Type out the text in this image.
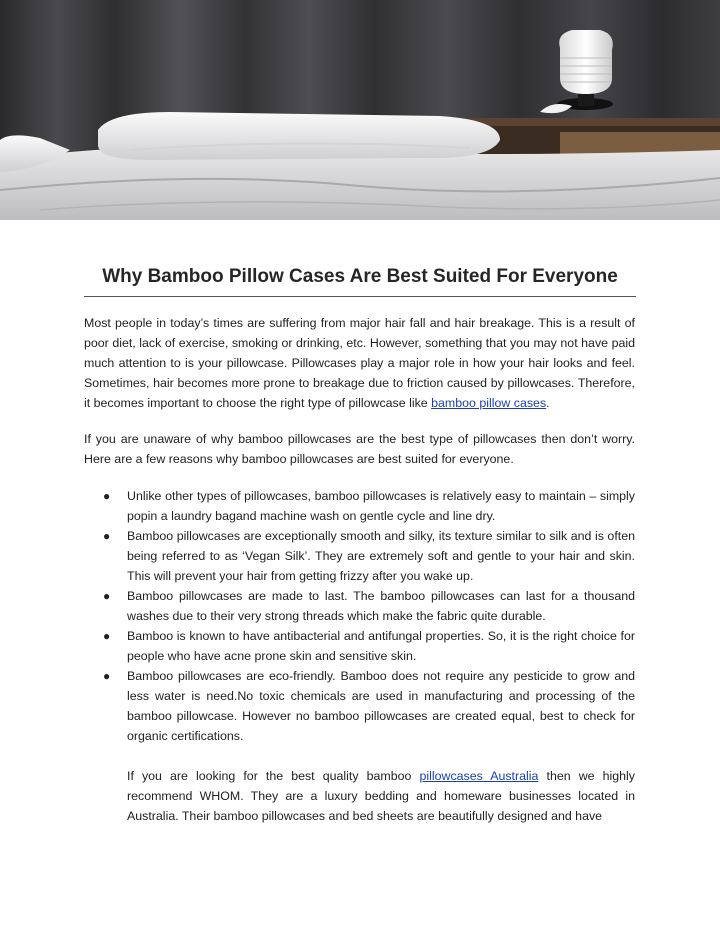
Why Bamboo Pillow Cases Are Best Suited For Everyone

Most people in today’s times are suffering from major hair fall and hair breakage. This is a result of poor diet, lack of exercise, smoking or drinking, etc. However, something that you may not have paid much attention to is your pillowcase. Pillowcases play a major role in how your hair looks and feel. Sometimes, hair becomes more prone to breakage due to friction caused by pillowcases. Therefore, it becomes important to choose the right type of pillowcase like bamboo pillow cases.

If you are unaware of why bamboo pillowcases are the best type of pillowcases then don’t worry. Here are a few reasons why bamboo pillowcases are best suited for everyone.

● Unlike other types of pillowcases, bamboo pillowcases is relatively easy to maintain – simply popin a laundry bagand machine wash on gentle cycle and line dry.
● Bamboo pillowcases are exceptionally smooth and silky, its texture similar to silk and is often being referred to as ‘Vegan Silk’. They are extremely soft and gentle to your hair and skin. This will prevent your hair from getting frizzy after you wake up.
● Bamboo pillowcases are made to last. The bamboo pillowcases can last for a thousand washes due to their very strong threads which make the fabric quite durable.
● Bamboo is known to have antibacterial and antifungal properties. So, it is the right choice for people who have acne prone skin and sensitive skin.
● Bamboo pillowcases are eco-friendly. Bamboo does not require any pesticide to grow and less water is need.No toxic chemicals are used in manufacturing and processing of the bamboo pillowcase. However no bamboo pillowcases are created equal, best to check for organic certifications.

If you are looking for the best quality bamboo pillowcases Australia then we highly recommend WHOM. They are a luxury bedding and homeware businesses located in Australia. Their bamboo pillowcases and bed sheets are beautifully designed and have
